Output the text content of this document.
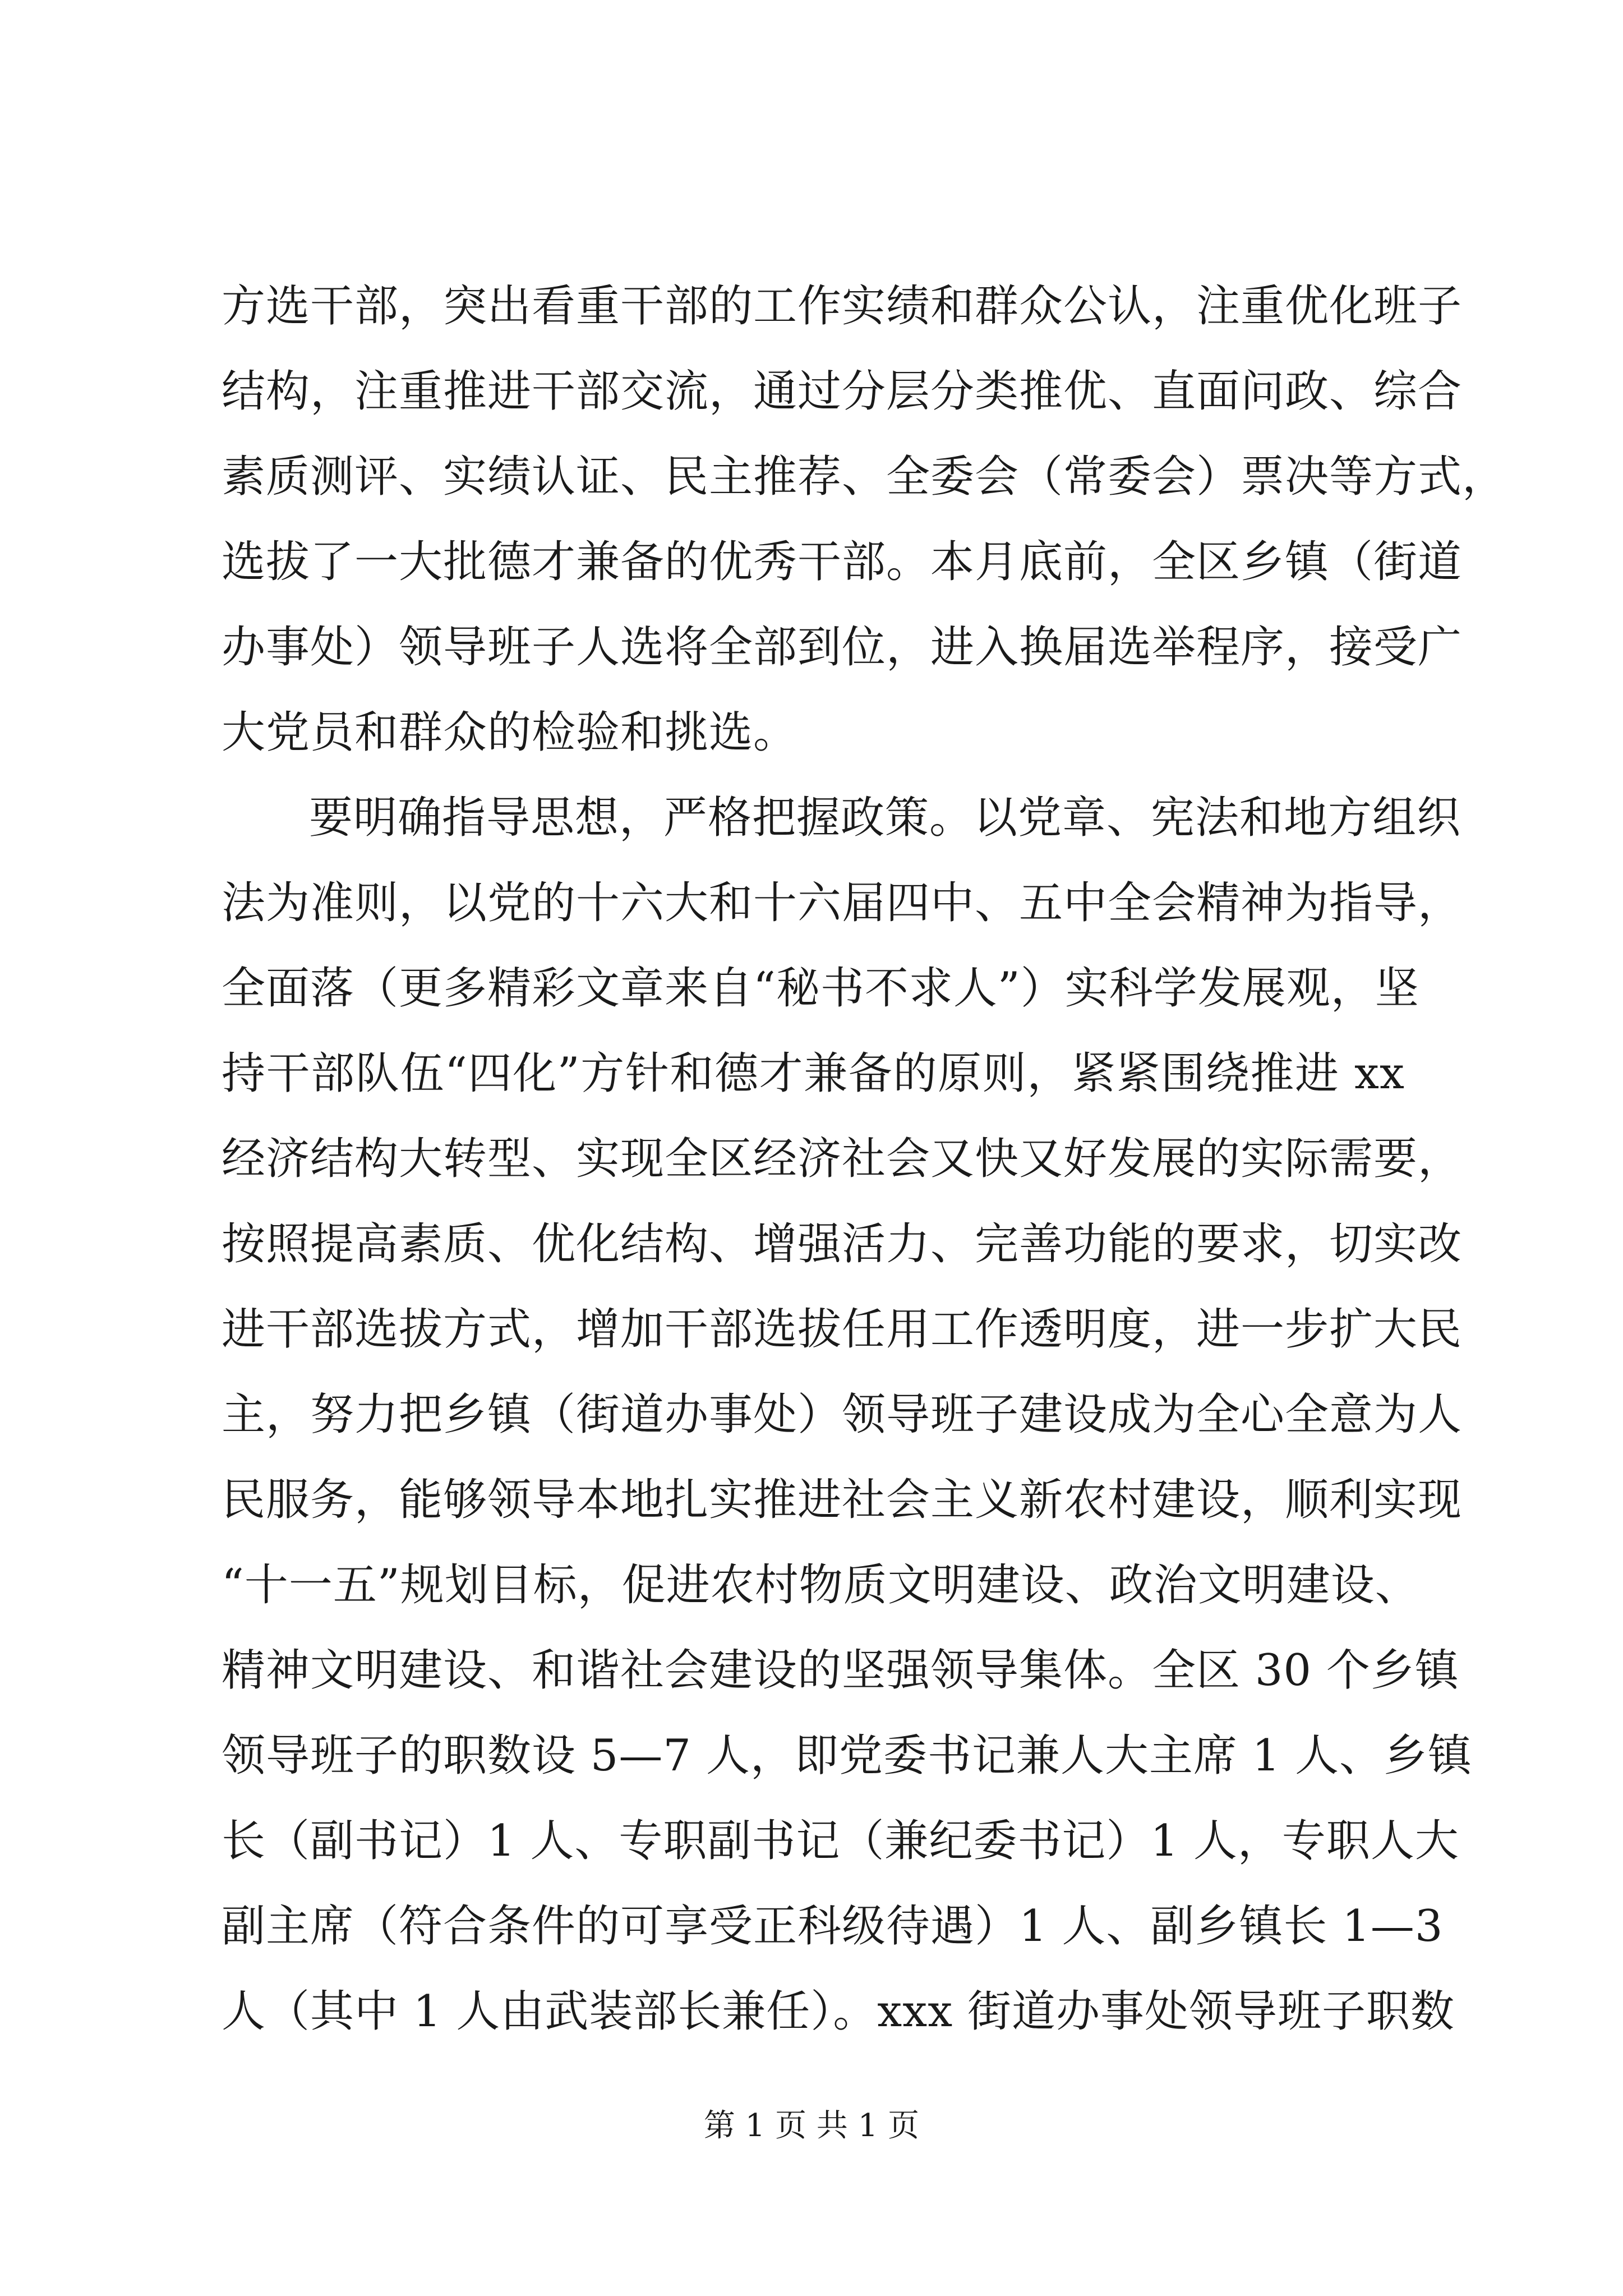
方选干部，突出看重干部的工作实绩和群众公认，注重优化班子
结构，注重推进干部交流，通过分层分类推优、直面问政、综合
素质测评、实绩认证、民主推荐、全委会（常委会）票决等方式，
选拔了一大批德才兼备的优秀干部。本月底前，全区乡镇（街道
办事处）领导班子人选将全部到位，进入换届选举程序，接受广
大党员和群众的检验和挑选。
要明确指导思想，严格把握政策。以党章、宪法和地方组织
法为准则，以党的十六大和十六届四中、五中全会精神为指导，
全面落（更多精彩文章来自“秘书不求人”）实科学发展观，坚
持干部队伍“四化”方针和德才兼备的原则，紧紧围绕推进 xx
经济结构大转型、实现全区经济社会又快又好发展的实际需要，
按照提高素质、优化结构、增强活力、完善功能的要求，切实改
进干部选拔方式，增加干部选拔任用工作透明度，进一步扩大民
主，努力把乡镇（街道办事处）领导班子建设成为全心全意为人
民服务，能够领导本地扎实推进社会主义新农村建设，顺利实现
“十一五”规划目标，促进农村物质文明建设、政治文明建设、
精神文明建设、和谐社会建设的坚强领导集体。全区 30 个乡镇
领导班子的职数设 5—7 人，即党委书记兼人大主席 1 人、乡镇
长（副书记）1 人、专职副书记（兼纪委书记）1 人，专职人大
副主席（符合条件的可享受正科级待遇）1 人、副乡镇长 1—3
人（其中 1 人由武装部长兼任）。xxx 街道办事处领导班子职数
第 1 页 共 1 页
